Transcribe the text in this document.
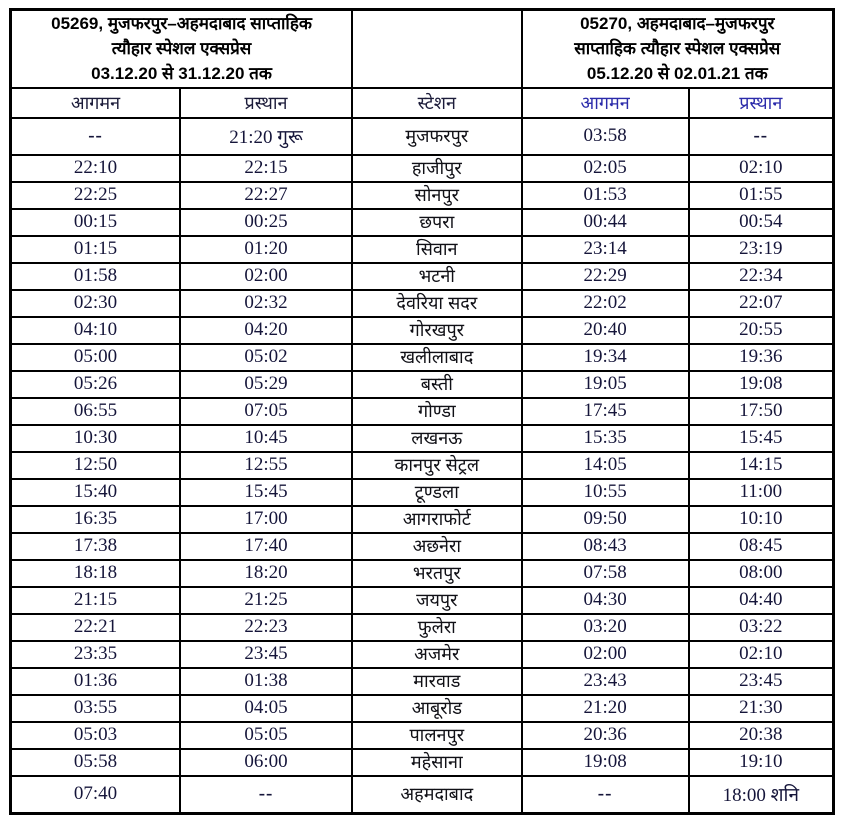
05269, मुजफरपुर–अहमदाबाद साप्ताहिक
त्यौहार स्पेशल एक्सप्रेस
03.12.20 से 31.12.20 तक			05270, अहमदाबाद–मुजफरपुर
साप्ताहिक त्यौहार स्पेशल एक्सप्रेस
05.12.20 से 02.01.21 तक	

आगमन	प्रस्थान	स्टेशन	आगमन	प्रस्थान
--	21:20 गुरू	मुजफरपुर	03:58	--
22:10	22:15	हाजीपुर	02:05	02:10
22:25	22:27	सोनपुर	01:53	01:55
00:15	00:25	छपरा	00:44	00:54
01:15	01:20	सिवान	23:14	23:19
01:58	02:00	भटनी	22:29	22:34
02:30	02:32	देवरिया सदर	22:02	22:07
04:10	04:20	गोरखपुर	20:40	20:55
05:00	05:02	खलीलाबाद	19:34	19:36
05:26	05:29	बस्ती	19:05	19:08
06:55	07:05	गोण्डा	17:45	17:50
10:30	10:45	लखनऊ	15:35	15:45
12:50	12:55	कानपुर सेट्रल	14:05	14:15
15:40	15:45	टूण्डला	10:55	11:00
16:35	17:00	आगराफोर्ट	09:50	10:10
17:38	17:40	अछनेरा	08:43	08:45
18:18	18:20	भरतपुर	07:58	08:00
21:15	21:25	जयपुर	04:30	04:40
22:21	22:23	फुलेरा	03:20	03:22
23:35	23:45	अजमेर	02:00	02:10
01:36	01:38	मारवाड	23:43	23:45
03:55	04:05	आबूरोड	21:20	21:30
05:03	05:05	पालनपुर	20:36	20:38
05:58	06:00	महेसाना	19:08	19:10
07:40	--	अहमदाबाद	--	18:00 शनि
